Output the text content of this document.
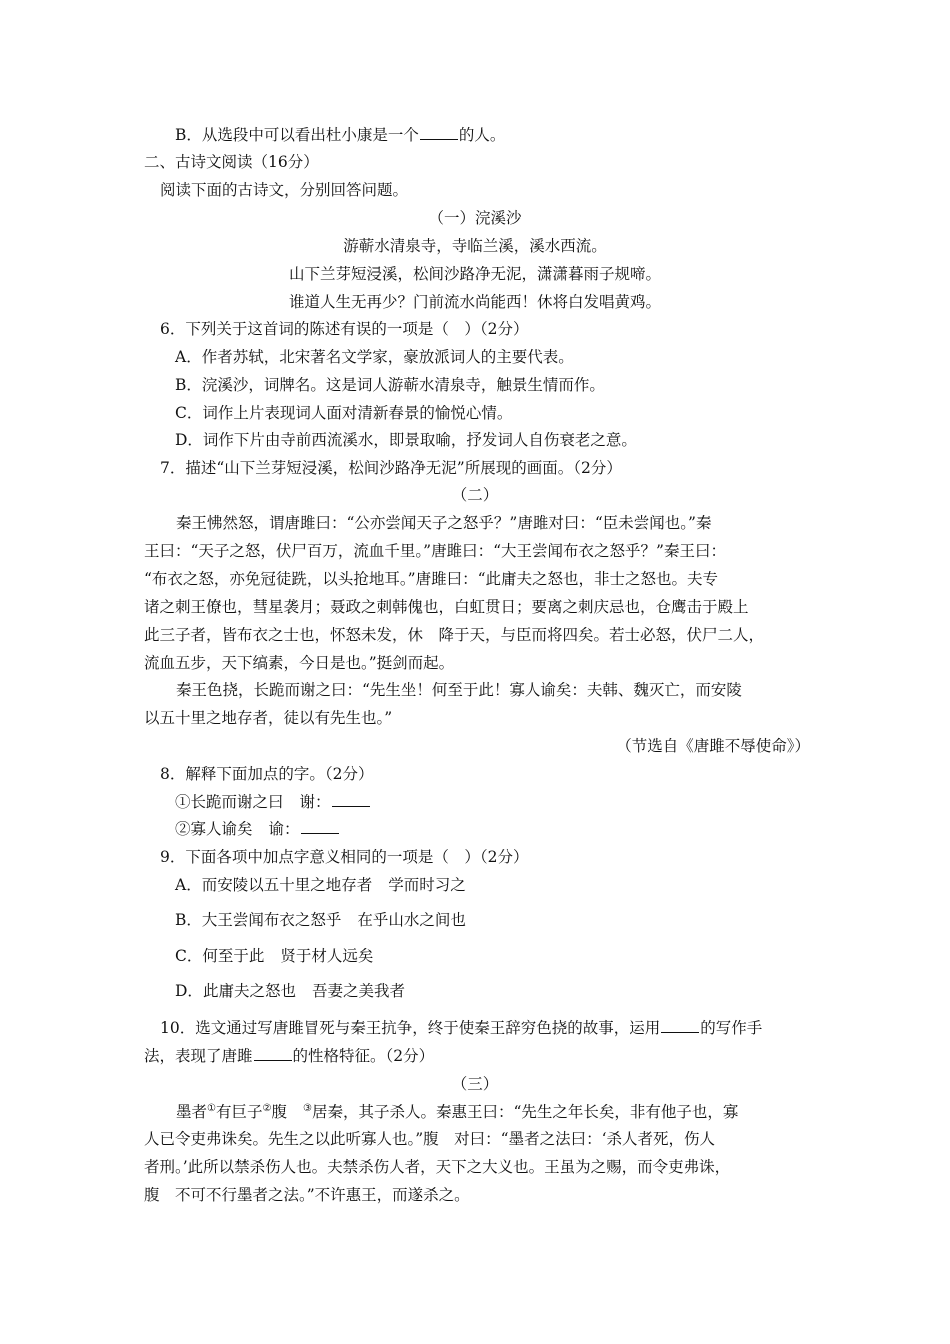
B．从选段中可以看出杜小康是一个	的人。
二、古诗文阅读（16分）
阅读下面的古诗文，分别回答问题。
（一）浣溪沙
游蕲水清泉寺，寺临兰溪，溪水西流。
山下兰芽短浸溪，松间沙路净无泥，潇潇暮雨子规啼。
谁道人生无再少？门前流水尚能西！休将白发唱黄鸡。
6．下列关于这首词的陈述有误的一项是（　）（2分）
A．作者苏轼，北宋著名文学家，豪放派词人的主要代表。
B．浣溪沙，词牌名。这是词人游蕲水清泉寺，触景生情而作。
C．词作上片表现词人面对清新春景的愉悦心情。
D．词作下片由寺前西流溪水，即景取喻，抒发词人自伤衰老之意。
7．描述“山下兰芽短浸溪，松间沙路净无泥”所展现的画面。（2分）
（二）
秦王怫然怒，谓唐雎曰：“公亦尝闻天子之怒乎？”唐雎对曰：“臣未尝闻也。”秦
王曰：“天子之怒，伏尸百万，流血千里。”唐雎曰：“大王尝闻布衣之怒乎？”秦王曰：
“布衣之怒，亦免冠徒跣，以头抢地耳。”唐雎曰：“此庸夫之怒也，非士之怒也。夫专
诸之刺王僚也，彗星袭月；聂政之刺韩傀也，白虹贯日；要离之刺庆忌也，仓鹰击于殿上
此三子者，皆布衣之士也，怀怒未发，休　降于天，与臣而将四矣。若士必怒，伏尸二人，
流血五步，天下缟素，今日是也。”挺剑而起。
秦王色挠，长跪而谢之曰：“先生坐！何至于此！寡人谕矣：夫韩、魏灭亡，而安陵
以五十里之地存者，徒以有先生也。”
（节选自《唐雎不辱使命》）
8．解释下面加点的字。（2分）
①长跪而谢之曰 谢：
②寡人谕矣 谕：
9．下面各项中加点字意义相同的一项是（　）（2分）
A．而安陵以五十里之地存者 学而时习之
B．大王尝闻布衣之怒乎 在乎山水之间也
C．何至于此 贤于材人远矣
D．此庸夫之怒也 吾妻之美我者
10．选文通过写唐雎冒死与秦王抗争，终于使秦王辞穷色挠的故事，运用	的写作手
法，表现了唐雎	的性格特征。（2分）
（三）
墨者①有巨子②腹 ③居秦，其子杀人。秦惠王曰：“先生之年长矣，非有他子也，寡
人已令吏弗诛矣。先生之以此听寡人也。”腹　对曰：“墨者之法曰：‘杀人者死，伤人
者刑。’此所以禁杀伤人也。夫禁杀伤人者，天下之大义也。王虽为之赐，而令吏弗诛，
腹　不可不行墨者之法。”不许惠王，而遂杀之。
